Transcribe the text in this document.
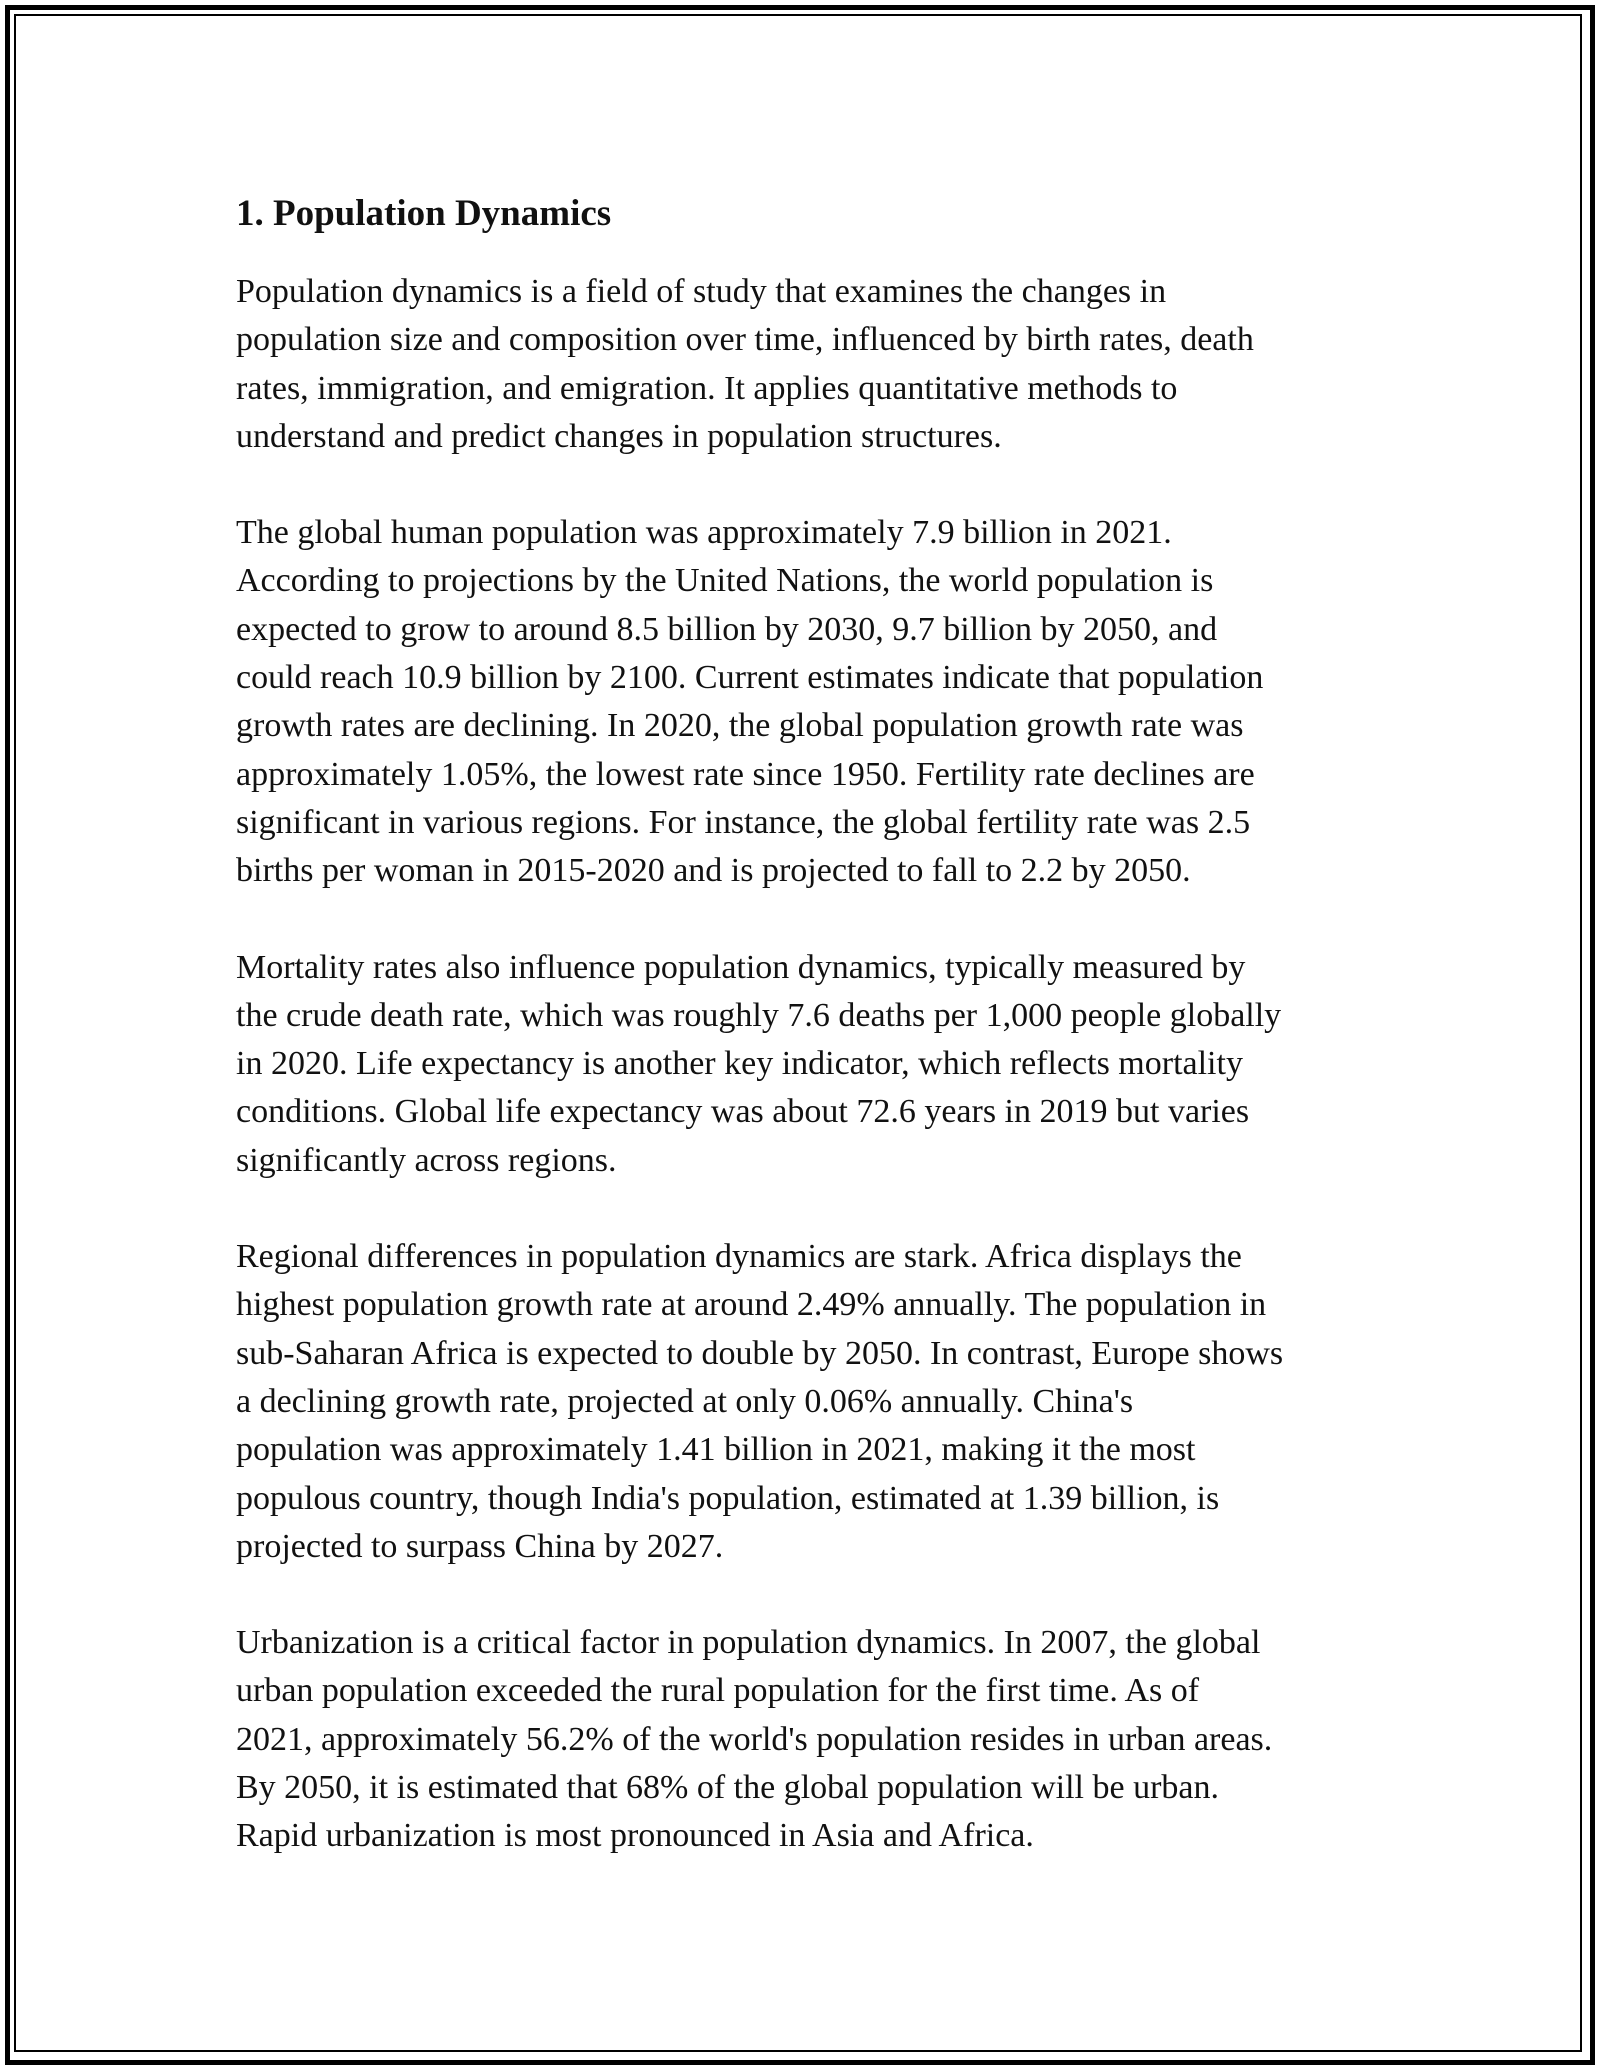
1. Population Dynamics

Population dynamics is a field of study that examines the changes in
population size and composition over time, influenced by birth rates, death
rates, immigration, and emigration. It applies quantitative methods to
understand and predict changes in population structures.

The global human population was approximately 7.9 billion in 2021.
According to projections by the United Nations, the world population is
expected to grow to around 8.5 billion by 2030, 9.7 billion by 2050, and
could reach 10.9 billion by 2100. Current estimates indicate that population
growth rates are declining. In 2020, the global population growth rate was
approximately 1.05%, the lowest rate since 1950. Fertility rate declines are
significant in various regions. For instance, the global fertility rate was 2.5
births per woman in 2015-2020 and is projected to fall to 2.2 by 2050.

Mortality rates also influence population dynamics, typically measured by
the crude death rate, which was roughly 7.6 deaths per 1,000 people globally
in 2020. Life expectancy is another key indicator, which reflects mortality
conditions. Global life expectancy was about 72.6 years in 2019 but varies
significantly across regions.

Regional differences in population dynamics are stark. Africa displays the
highest population growth rate at around 2.49% annually. The population in
sub-Saharan Africa is expected to double by 2050. In contrast, Europe shows
a declining growth rate, projected at only 0.06% annually. China's
population was approximately 1.41 billion in 2021, making it the most
populous country, though India's population, estimated at 1.39 billion, is
projected to surpass China by 2027.

Urbanization is a critical factor in population dynamics. In 2007, the global
urban population exceeded the rural population for the first time. As of
2021, approximately 56.2% of the world's population resides in urban areas.
By 2050, it is estimated that 68% of the global population will be urban.
Rapid urbanization is most pronounced in Asia and Africa.
